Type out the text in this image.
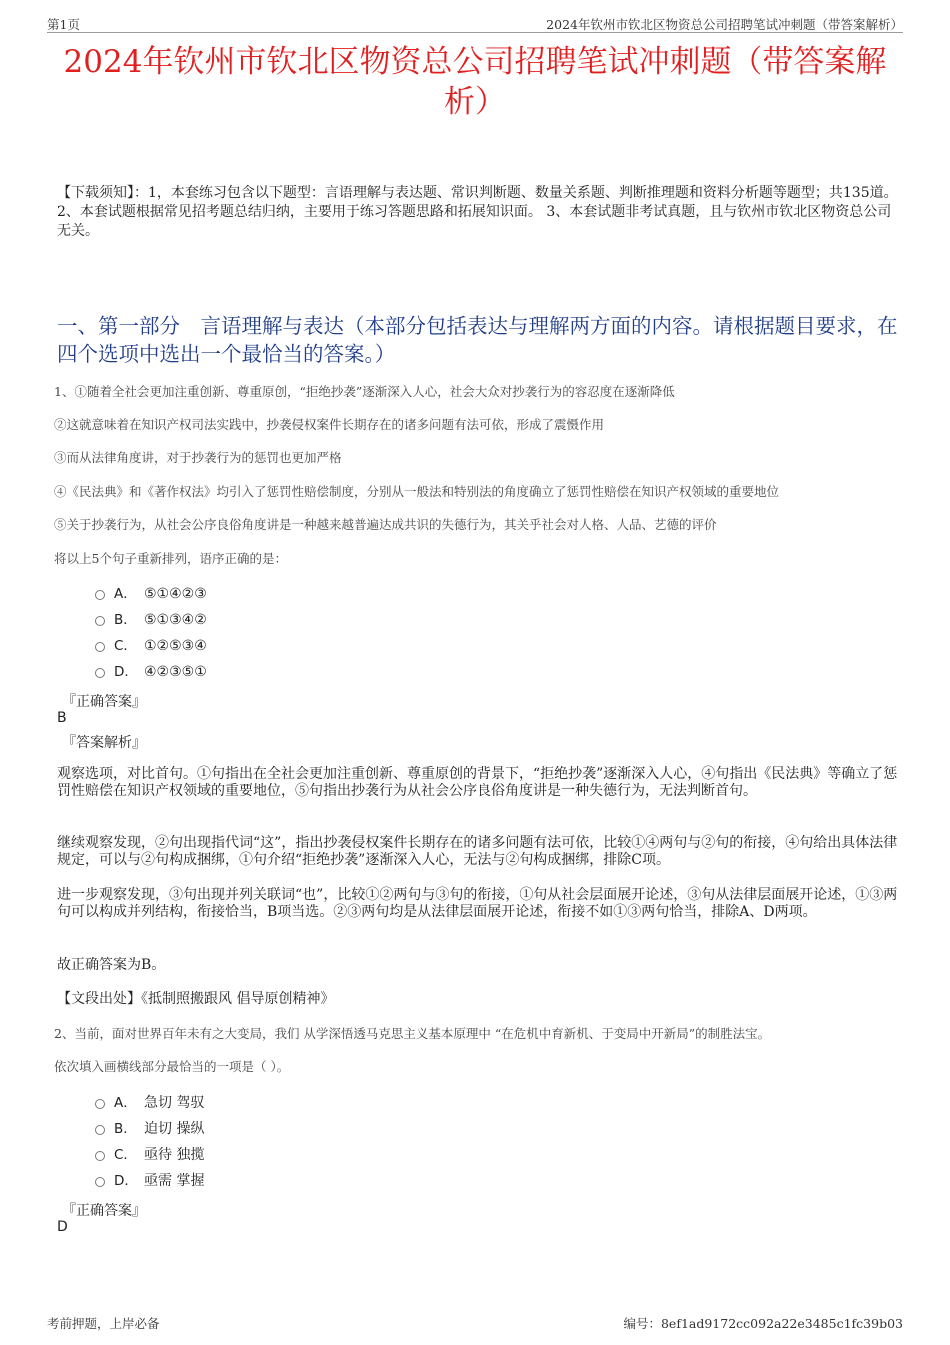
第1页	2024年钦州市钦北区物资总公司招聘笔试冲刺题（带答案解析）
2024年钦州市钦北区物资总公司招聘笔试冲刺题（带答案解析）
【下载须知】：1，本套练习包含以下题型：言语理解与表达题、常识判断题、数量关系题、判断推理题和资料分析题等题型；共135道。 2、本套试题根据常见招考题总结归纳，主要用于练习答题思路和拓展知识面。 3、本套试题非考试真题，且与钦州市钦北区物资总公司无关。
一、第一部分　言语理解与表达（本部分包括表达与理解两方面的内容。请根据题目要求，在四个选项中选出一个最恰当的答案。）
1、①随着全社会更加注重创新、尊重原创，“拒绝抄袭”逐渐深入人心，社会大众对抄袭行为的容忍度在逐渐降低
②这就意味着在知识产权司法实践中，抄袭侵权案件长期存在的诸多问题有法可依，形成了震慑作用
③而从法律角度讲，对于抄袭行为的惩罚也更加严格
④《民法典》和《著作权法》均引入了惩罚性赔偿制度，分别从一般法和特别法的角度确立了惩罚性赔偿在知识产权领域的重要地位
⑤关于抄袭行为，从社会公序良俗角度讲是一种越来越普遍达成共识的失德行为，其关乎社会对人格、人品、艺德的评价
将以上5个句子重新排列，语序正确的是：
A． ⑤①④②③
B． ⑤①③④②
C． ①②⑤③④
D． ④②③⑤①
『正确答案』
B
『答案解析』
观察选项，对比首句。①句指出在全社会更加注重创新、尊重原创的背景下，“拒绝抄袭”逐渐深入人心，④句指出《民法典》等确立了惩罚性赔偿在知识产权领域的重要地位，⑤句指出抄袭行为从社会公序良俗角度讲是一种失德行为，无法判断首句。
继续观察发现，②句出现指代词“这”，指出抄袭侵权案件长期存在的诸多问题有法可依，比较①④两句与②句的衔接，④句给出具体法律规定，可以与②句构成捆绑，①句介绍“拒绝抄袭”逐渐深入人心，无法与②句构成捆绑，排除C项。
进一步观察发现，③句出现并列关联词“也”，比较①②两句与③句的衔接，①句从社会层面展开论述，③句从法律层面展开论述，①③两句可以构成并列结构，衔接恰当，B项当选。②③两句均是从法律层面展开论述，衔接不如①③两句恰当，排除A、D两项。
故正确答案为B。
【文段出处】《抵制照搬跟风 倡导原创精神》
2、当前，面对世界百年未有之大变局，我们 从学深悟透马克思主义基本原理中 “在危机中育新机、于变局中开新局”的制胜法宝。
依次填入画横线部分最恰当的一项是（ ）。
A． 急切 驾驭
B． 迫切 操纵
C． 亟待 独揽
D． 亟需 掌握
『正确答案』
D
考前押题，上岸必备	编号：8ef1ad9172cc092a22e3485c1fc39b03
